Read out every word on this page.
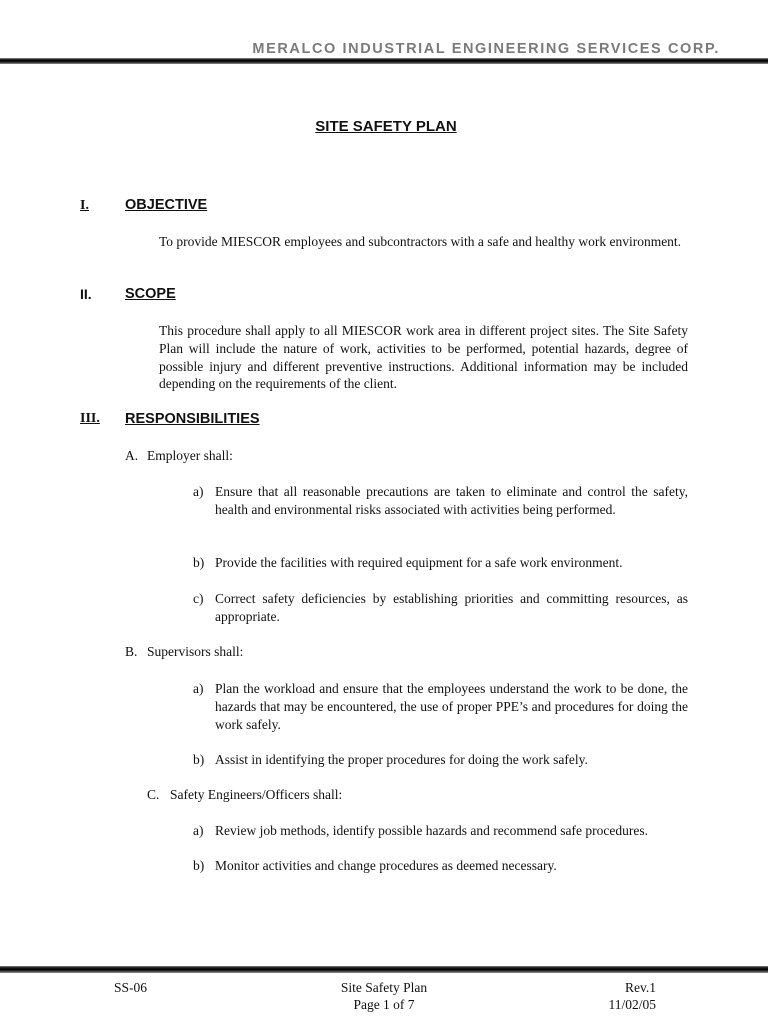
MERALCO INDUSTRIAL ENGINEERING SERVICES CORP.
SITE SAFETY PLAN
I. OBJECTIVE
To provide MIESCOR employees and subcontractors with a safe and healthy work environment.
II. SCOPE
This procedure shall apply to all MIESCOR work area in different project sites. The Site Safety Plan will include the nature of work, activities to be performed, potential hazards, degree of possible injury and different preventive instructions. Additional information may be included depending on the requirements of the client.
III. RESPONSIBILITIES
A. Employer shall:
a) Ensure that all reasonable precautions are taken to eliminate and control the safety, health and environmental risks associated with activities being performed.
b) Provide the facilities with required equipment for a safe work environment.
c) Correct safety deficiencies by establishing priorities and committing resources, as appropriate.
B. Supervisors shall:
a) Plan the workload and ensure that the employees understand the work to be done, the hazards that may be encountered, the use of proper PPE’s and procedures for doing the work safely.
b) Assist in identifying the proper procedures for doing the work safely.
C. Safety Engineers/Officers shall:
a) Review job methods, identify possible hazards and recommend safe procedures.
b) Monitor activities and change procedures as deemed necessary.
SS-06	Site Safety Plan
Page 1 of 7
Rev.1
11/02/05
